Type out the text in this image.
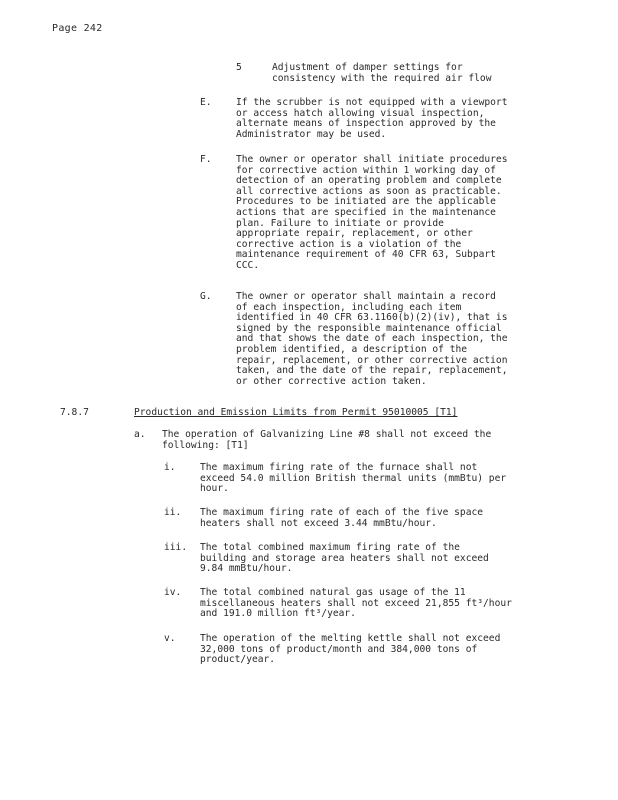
Page 242
5	Adjustment of damper settings for
consistency with the required air flow
E.	If the scrubber is not equipped with a viewport
or access hatch allowing visual inspection,
alternate means of inspection approved by the
Administrator may be used.
F.	The owner or operator shall initiate procedures
for corrective action within 1 working day of
detection of an operating problem and complete
all corrective actions as soon as practicable.
Procedures to be initiated are the applicable
actions that are specified in the maintenance
plan. Failure to initiate or provide
appropriate repair, replacement, or other
corrective action is a violation of the
maintenance requirement of 40 CFR 63, Subpart
CCC.
G.	The owner or operator shall maintain a record
of each inspection, including each item
identified in 40 CFR 63.1160(b)(2)(iv), that is
signed by the responsible maintenance official
and that shows the date of each inspection, the
problem identified, a description of the
repair, replacement, or other corrective action
taken, and the date of the repair, replacement,
or other corrective action taken.
7.8.7	Production and Emission Limits from Permit 95010005 [T1]
a. The operation of Galvanizing Line #8 shall not exceed the
following: [T1]
i.	The maximum firing rate of the furnace shall not
exceed 54.0 million British thermal units (mmBtu) per
hour.
ii. The maximum firing rate of each of the five space
heaters shall not exceed 3.44 mmBtu/hour.
iii. The total combined maximum firing rate of the
building and storage area heaters shall not exceed
9.84 mmBtu/hour.
iv. The total combined natural gas usage of the 11
miscellaneous heaters shall not exceed 21,855 ft³/hour
and 191.0 million ft³/year.
v.	The operation of the melting kettle shall not exceed
32,000 tons of product/month and 384,000 tons of
product/year.
